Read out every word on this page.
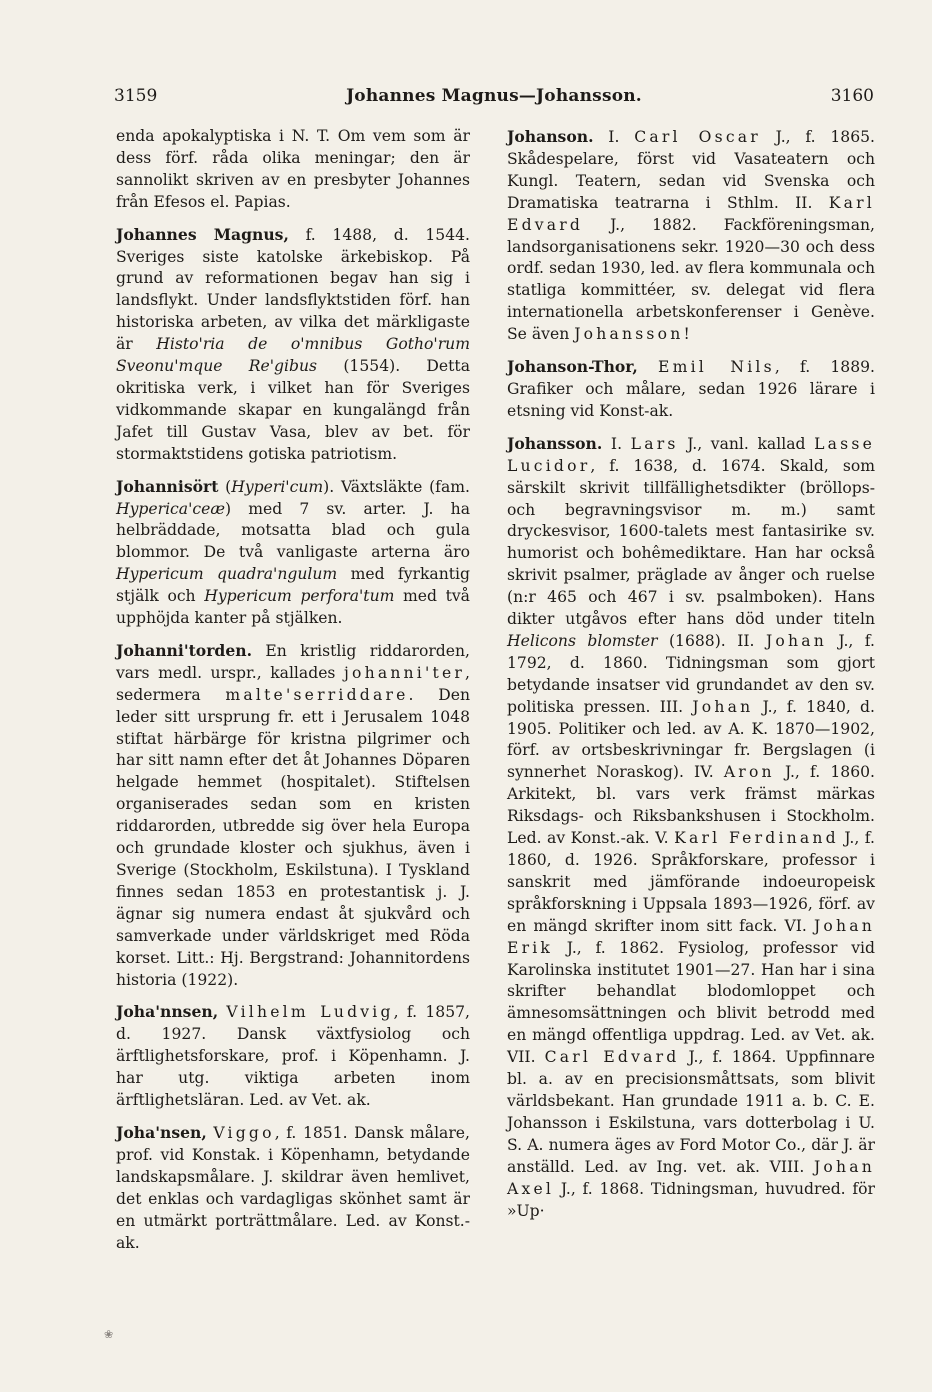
3159	Johannes Magnus—Johansson.	3160

enda apokalyptiska i N. T. Om vem som är dess förf. råda olika meningar; den är sannolikt skriven av en presbyter Johannes från Efesos el. Papias.

Johannes Magnus, f. 1488, d. 1544. Sveriges siste katolske ärkebiskop. På grund av reformationen begav han sig i landsflykt. Under landsflyktstiden förf. han historiska arbeten, av vilka det märkligaste är Histo'ria de o'mnibus Gotho'rum Sveonu'mque Re'gibus (1554). Detta okritiska verk, i vilket han för Sveriges vidkommande skapar en kungalängd från Jafet till Gustav Vasa, blev av bet. för stormaktstidens gotiska patriotism.

Johannisört (Hyperi'cum). Växtsläkte (fam. Hyperica'ceæ) med 7 sv. arter. J. ha helbräddade, motsatta blad och gula blommor. De två vanligaste arterna äro Hypericum quadra'ngulum med fyrkantig stjälk och Hypericum perfora'tum med två upphöjda kanter på stjälken.

Johanni'torden. En kristlig riddarorden, vars medl. urspr., kallades johanni'ter, sedermera malte'serriddare. Den leder sitt ursprung fr. ett i Jerusalem 1048 stiftat härbärge för kristna pilgrimer och har sitt namn efter det åt Johannes Döparen helgade hemmet (hospitalet). Stiftelsen organiserades sedan som en kristen riddarorden, utbredde sig över hela Europa och grundade kloster och sjukhus, även i Sverige (Stockholm, Eskilstuna). I Tyskland finnes sedan 1853 en protestantisk j. J. ägnar sig numera endast åt sjukvård och samverkade under världskriget med Röda korset. Litt.: Hj. Bergstrand: Johannitordens historia (1922).

Joha'nnsen, Vilhelm Ludvig, f. 1857, d. 1927. Dansk växtfysiolog och ärftlighetsforskare, prof. i Köpenhamn. J. har utg. viktiga arbeten inom ärftlighetsläran. Led. av Vet. ak.

Joha'nsen, Viggo, f. 1851. Dansk målare, prof. vid Konstak. i Köpenhamn, betydande landskapsmålare. J. skildrar även hemlivet, det enklas och vardagligas skönhet samt är en utmärkt porträttmålare. Led. av Konst.-ak.

Johanson. I. Carl Oscar J., f. 1865. Skådespelare, först vid Vasateatern och Kungl. Teatern, sedan vid Svenska och Dramatiska teatrarna i Sthlm. II. Karl Edvard J., 1882. Fackföreningsman, landsorganisationens sekr. 1920—30 och dess ordf. sedan 1930, led. av flera kommunala och statliga kommittéer, sv. delegat vid flera internationella arbetskonferenser i Genève. Se även Johansson!

Johanson-Thor, Emil Nils, f. 1889. Grafiker och målare, sedan 1926 lärare i etsning vid Konst-ak.

Johansson. I. Lars J., vanl. kallad Lasse Lucidor, f. 1638, d. 1674. Skald, som särskilt skrivit tillfällighetsdikter (bröllops- och begravningsvisor m. m.) samt dryckesvisor, 1600-talets mest fantasirike sv. humorist och bohêmediktare. Han har också skrivit psalmer, präglade av ånger och ruelse (n:r 465 och 467 i sv. psalmboken). Hans dikter utgåvos efter hans död under titeln Helicons blomster (1688). II. Johan J., f. 1792, d. 1860. Tidningsman som gjort betydande insatser vid grundandet av den sv. politiska pressen. III. Johan J., f. 1840, d. 1905. Politiker och led. av A. K. 1870—1902, förf. av ortsbeskrivningar fr. Bergslagen (i synnerhet Noraskog). IV. Aron J., f. 1860. Arkitekt, bl. vars verk främst märkas Riksdags- och Riksbankshusen i Stockholm. Led. av Konst.-ak. V. Karl Ferdinand J., f. 1860, d. 1926. Språkforskare, professor i sanskrit med jämförande indoeuropeisk språkforskning i Uppsala 1893—1926, förf. av en mängd skrifter inom sitt fack. VI. Johan Erik J., f. 1862. Fysiolog, professor vid Karolinska institutet 1901—27. Han har i sina skrifter behandlat blodomloppet och ämnesomsättningen och blivit betrodd med en mängd offentliga uppdrag. Led. av Vet. ak. VII. Carl Edvard J., f. 1864. Uppfinnare bl. a. av en precisionsmåttsats, som blivit världsbekant. Han grundade 1911 a. b. C. E. Johansson i Eskilstuna, vars dotterbolag i U. S. A. numera äges av Ford Motor Co., där J. är anställd. Led. av Ing. vet. ak. VIII. Johan Axel J., f. 1868. Tidningsman, huvudred. för »Up·

❀
